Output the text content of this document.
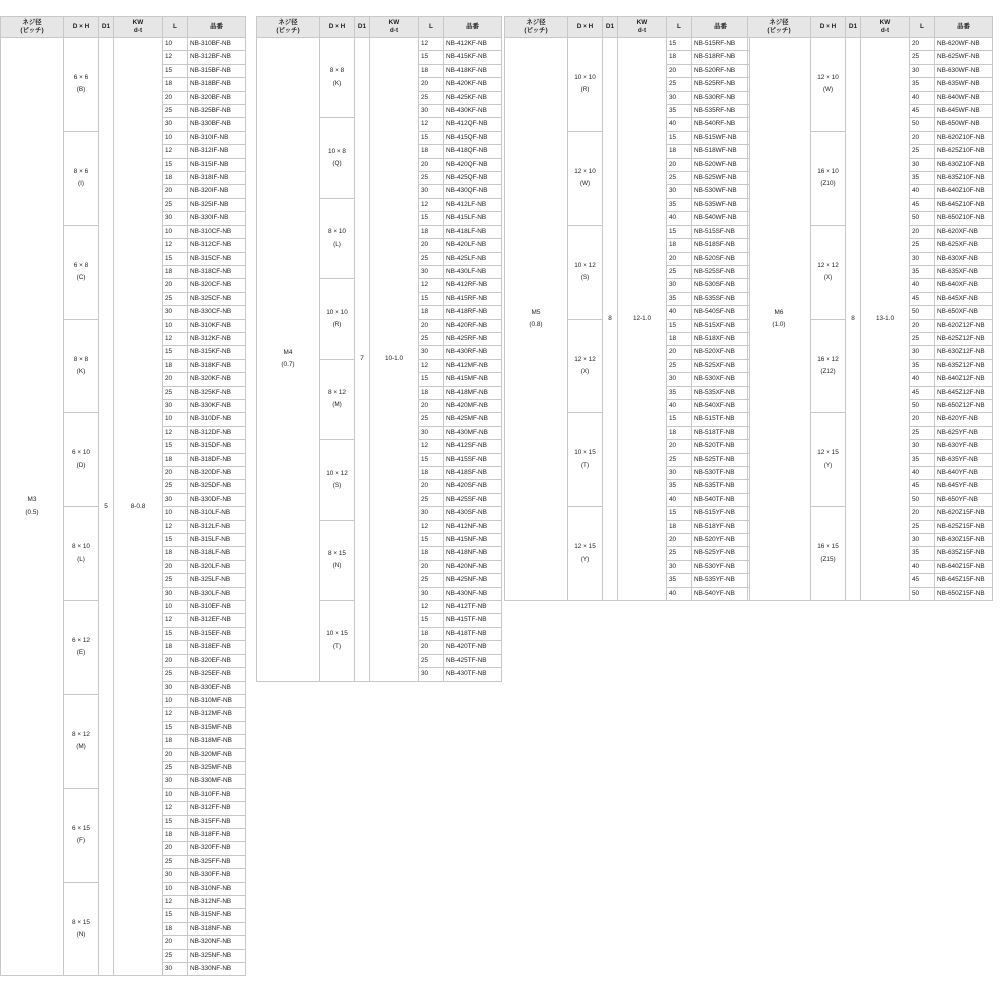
ネジ径
(ピッチ)	D × H	D1	KW
d-t	L	品番

M3
(0.5)	6 × 6
(B)	5	8-0.8	10	NB-310BF-NB
				12	NB-312BF-NB
				15	NB-315BF-NB
				18	NB-318BF-NB
				20	NB-320BF-NB
				25	NB-325BF-NB
				30	NB-330BF-NB

	8 × 6
(I)			10	NB-310IF-NB
				12	NB-312IF-NB
				15	NB-315IF-NB
				18	NB-318IF-NB
				20	NB-320IF-NB
				25	NB-325IF-NB
				30	NB-330IF-NB

	6 × 8
(C)			10	NB-310CF-NB
				12	NB-312CF-NB
				15	NB-315CF-NB
				18	NB-318CF-NB
				20	NB-320CF-NB
				25	NB-325CF-NB
				30	NB-330CF-NB

	8 × 8
(K)			10	NB-310KF-NB
				12	NB-312KF-NB
				15	NB-315KF-NB
				18	NB-318KF-NB
				20	NB-320KF-NB
				25	NB-325KF-NB
				30	NB-330KF-NB

	6 × 10
(D)			10	NB-310DF-NB
				12	NB-312DF-NB
				15	NB-315DF-NB
				18	NB-318DF-NB
				20	NB-320DF-NB
				25	NB-325DF-NB
				30	NB-330DF-NB

	8 × 10
(L)			10	NB-310LF-NB
				12	NB-312LF-NB
				15	NB-315LF-NB
				18	NB-318LF-NB
				20	NB-320LF-NB
				25	NB-325LF-NB
				30	NB-330LF-NB

	6 × 12
(E)			10	NB-310EF-NB
				12	NB-312EF-NB
				15	NB-315EF-NB
				18	NB-318EF-NB
				20	NB-320EF-NB
				25	NB-325EF-NB
				30	NB-330EF-NB

	8 × 12
(M)			10	NB-310MF-NB
				12	NB-312MF-NB
				15	NB-315MF-NB
				18	NB-318MF-NB
				20	NB-320MF-NB
				25	NB-325MF-NB
				30	NB-330MF-NB

	6 × 15
(F)			10	NB-310FF-NB
				12	NB-312FF-NB
				15	NB-315FF-NB
				18	NB-318FF-NB
				20	NB-320FF-NB
				25	NB-325FF-NB
				30	NB-330FF-NB

	8 × 15
(N)			10	NB-310NF-NB
				12	NB-312NF-NB
				15	NB-315NF-NB
				18	NB-318NF-NB
				20	NB-320NF-NB
				25	NB-325NF-NB
				30	NB-330NF-NB
ネジ径
(ピッチ)	D × H	D1	KW
d-t	L	品番

M4
(0.7)	8 × 8
(K)	7	10-1.0	12	NB-412KF-NB
				15	NB-415KF-NB
				18	NB-418KF-NB
				20	NB-420KF-NB
				25	NB-425KF-NB
				30	NB-430KF-NB

	10 × 8
(Q)			12	NB-412QF-NB
				15	NB-415QF-NB
				18	NB-418QF-NB
				20	NB-420QF-NB
				25	NB-425QF-NB
				30	NB-430QF-NB

	8 × 10
(L)			12	NB-412LF-NB
				15	NB-415LF-NB
				18	NB-418LF-NB
				20	NB-420LF-NB
				25	NB-425LF-NB
				30	NB-430LF-NB

	10 × 10
(R)			12	NB-412RF-NB
				15	NB-415RF-NB
				18	NB-418RF-NB
				20	NB-420RF-NB
				25	NB-425RF-NB
				30	NB-430RF-NB

	8 × 12
(M)			12	NB-412MF-NB
				15	NB-415MF-NB
				18	NB-418MF-NB
				20	NB-420MF-NB
				25	NB-425MF-NB
				30	NB-430MF-NB

	10 × 12
(S)			12	NB-412SF-NB
				15	NB-415SF-NB
				18	NB-418SF-NB
				20	NB-420SF-NB
				25	NB-425SF-NB
				30	NB-430SF-NB

	8 × 15
(N)			12	NB-412NF-NB
				15	NB-415NF-NB
				18	NB-418NF-NB
				20	NB-420NF-NB
				25	NB-425NF-NB
				30	NB-430NF-NB

	10 × 15
(T)			12	NB-412TF-NB
				15	NB-415TF-NB
				18	NB-418TF-NB
				20	NB-420TF-NB
				25	NB-425TF-NB
				30	NB-430TF-NB
ネジ径
(ピッチ)	D × H	D1	KW
d-t	L	品番

M5
(0.8)	10 × 10
(R)	8	12-1.0	15	NB-515RF-NB
				18	NB-518RF-NB
				20	NB-520RF-NB
				25	NB-525RF-NB
				30	NB-530RF-NB
				35	NB-535RF-NB
				40	NB-540RF-NB

	12 × 10
(W)			15	NB-515WF-NB
				18	NB-518WF-NB
				20	NB-520WF-NB
				25	NB-525WF-NB
				30	NB-530WF-NB
				35	NB-535WF-NB
				40	NB-540WF-NB

	10 × 12
(S)			15	NB-515SF-NB
				18	NB-518SF-NB
				20	NB-520SF-NB
				25	NB-525SF-NB
				30	NB-530SF-NB
				35	NB-535SF-NB
				40	NB-540SF-NB

	12 × 12
(X)			15	NB-515XF-NB
				18	NB-518XF-NB
				20	NB-520XF-NB
				25	NB-525XF-NB
				30	NB-530XF-NB
				35	NB-535XF-NB
				40	NB-540XF-NB

	10 × 15
(T)			15	NB-515TF-NB
				18	NB-518TF-NB
				20	NB-520TF-NB
				25	NB-525TF-NB
				30	NB-530TF-NB
				35	NB-535TF-NB
				40	NB-540TF-NB

	12 × 15
(Y)			15	NB-515YF-NB
				18	NB-518YF-NB
				20	NB-520YF-NB
				25	NB-525YF-NB
				30	NB-530YF-NB
				35	NB-535YF-NB
				40	NB-540YF-NB
ネジ径
(ピッチ)	D × H	D1	KW
d-t	L	品番

M6
(1.0)	12 × 10
(W)	8	13-1.0	20	NB-620WF-NB
				25	NB-625WF-NB
				30	NB-630WF-NB
				35	NB-635WF-NB
				40	NB-640WF-NB
				45	NB-645WF-NB
				50	NB-650WF-NB

	16 × 10
(Z10)			20	NB-620Z10F-NB
				25	NB-625Z10F-NB
				30	NB-630Z10F-NB
				35	NB-635Z10F-NB
				40	NB-640Z10F-NB
				45	NB-645Z10F-NB
				50	NB-650Z10F-NB

	12 × 12
(X)			20	NB-620XF-NB
				25	NB-625XF-NB
				30	NB-630XF-NB
				35	NB-635XF-NB
				40	NB-640XF-NB
				45	NB-645XF-NB
				50	NB-650XF-NB

	16 × 12
(Z12)			20	NB-620Z12F-NB
				25	NB-625Z12F-NB
				30	NB-630Z12F-NB
				35	NB-635Z12F-NB
				40	NB-640Z12F-NB
				45	NB-645Z12F-NB
				50	NB-650Z12F-NB

	12 × 15
(Y)			20	NB-620YF-NB
				25	NB-625YF-NB
				30	NB-630YF-NB
				35	NB-635YF-NB
				40	NB-640YF-NB
				45	NB-645YF-NB
				50	NB-650YF-NB

	16 × 15
(Z15)			20	NB-620Z15F-NB
				25	NB-625Z15F-NB
				30	NB-630Z15F-NB
				35	NB-635Z15F-NB
				40	NB-640Z15F-NB
				45	NB-645Z15F-NB
				50	NB-650Z15F-NB
